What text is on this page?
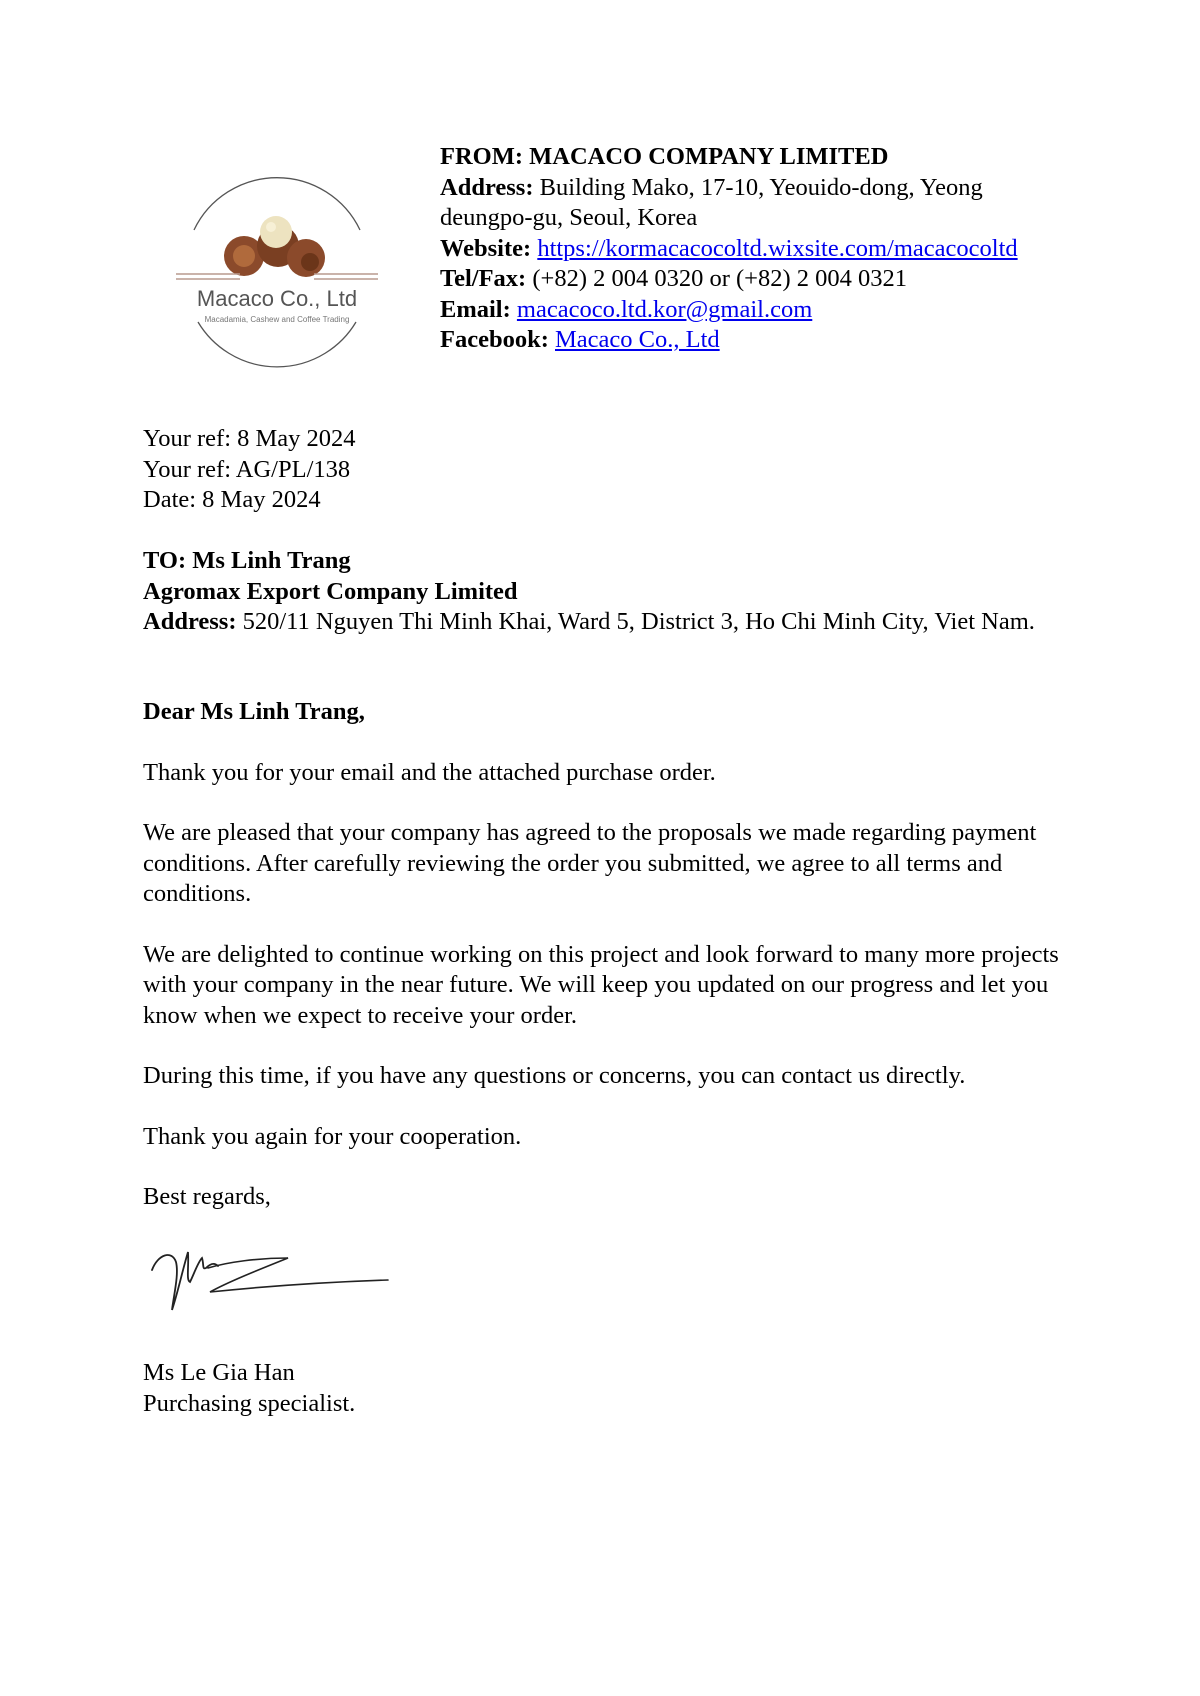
Macaco Co., Ltd
Macadamia, Cashew and Coffee Trading

FROM: MACACO COMPANY LIMITED

Address: Building Mako, 17-10, Yeouido-dong, Yeong

deungpo-gu, Seoul, Korea

Website: https://kormacacocoltd.wixsite.com/macacocoltd

Tel/Fax: (+82) 2 004 0320 or (+82) 2 004 0321

Email: macacoco.ltd.kor@gmail.com

Facebook: Macaco Co., Ltd

Your ref: 8 May 2024

Your ref: AG/PL/138

Date: 8 May 2024

TO: Ms Linh Trang

Agromax Export Company Limited

Address: 520/11 Nguyen Thi Minh Khai, Ward 5, District 3, Ho Chi Minh City, Viet Nam.

Dear Ms Linh Trang,

Thank you for your email and the attached purchase order.

We are pleased that your company has agreed to the proposals we made regarding payment conditions. After carefully reviewing the order you submitted, we agree to all terms and conditions.

We are delighted to continue working on this project and look forward to many more projects with your company in the near future. We will keep you updated on our progress and let you know when we expect to receive your order.

During this time, if you have any questions or concerns, you can contact us directly.

Thank you again for your cooperation.

Best regards,

Ms Le Gia Han

Purchasing specialist.
